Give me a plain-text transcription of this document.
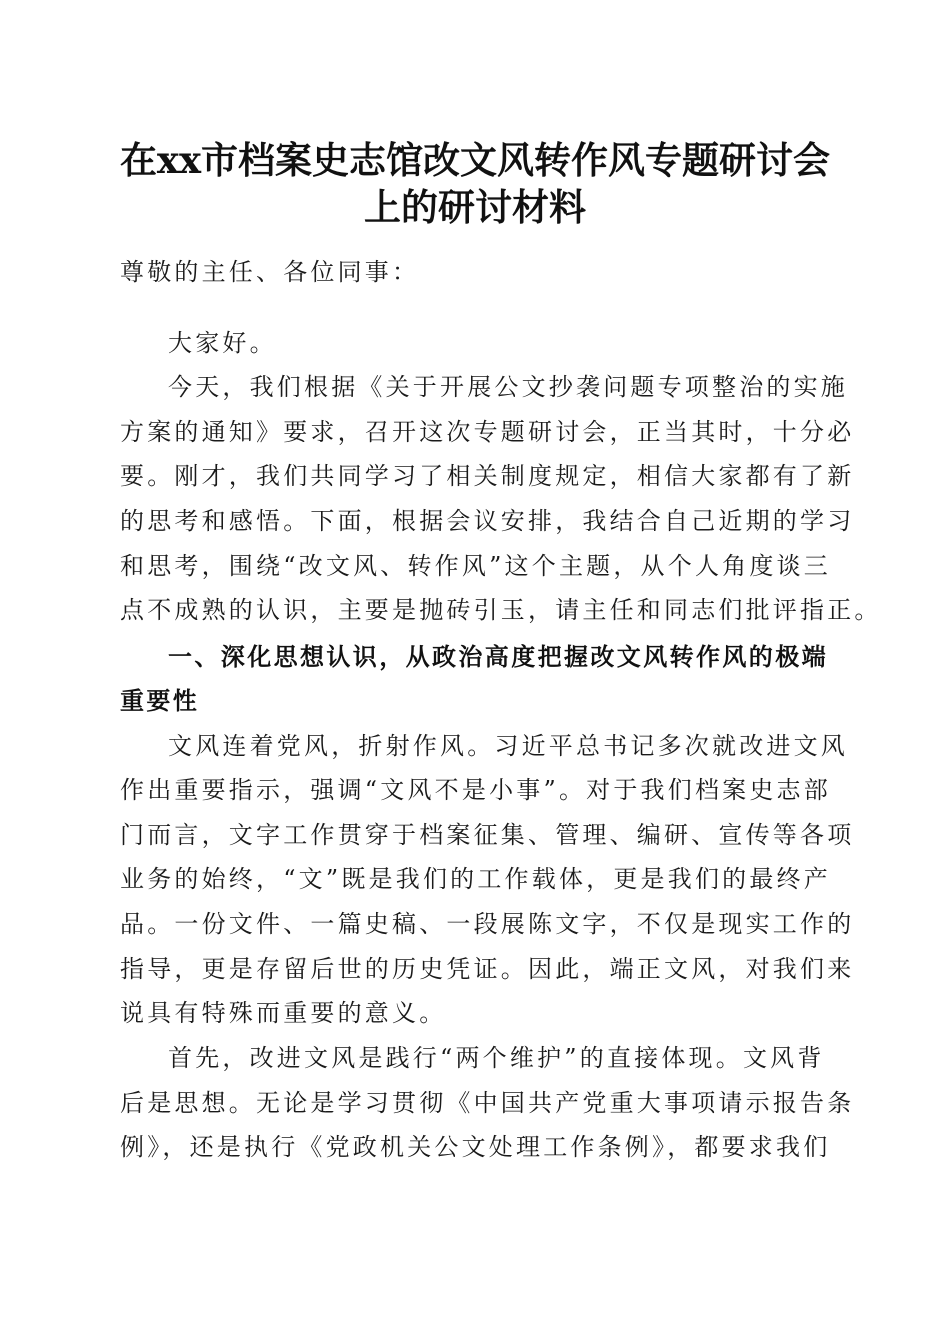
在xx市档案史志馆改文风转作风专题研讨会
上的研讨材料
尊敬的主任、各位同事：
大家好。
今天，我们根据《关于开展公文抄袭问题专项整治的实施
方案的通知》要求，召开这次专题研讨会，正当其时，十分必
要。刚才，我们共同学习了相关制度规定，相信大家都有了新
的思考和感悟。下面，根据会议安排，我结合自己近期的学习
和思考，围绕“改文风、转作风”这个主题，从个人角度谈三
点不成熟的认识，主要是抛砖引玉，请主任和同志们批评指正。
一、深化思想认识，从政治高度把握改文风转作风的极端
重要性
文风连着党风，折射作风。习近平总书记多次就改进文风
作出重要指示，强调“文风不是小事”。对于我们档案史志部
门而言，文字工作贯穿于档案征集、管理、编研、宣传等各项
业务的始终，“文”既是我们的工作载体，更是我们的最终产
品。一份文件、一篇史稿、一段展陈文字，不仅是现实工作的
指导，更是存留后世的历史凭证。因此，端正文风，对我们来
说具有特殊而重要的意义。
首先，改进文风是践行“两个维护”的直接体现。文风背
后是思想。无论是学习贯彻《中国共产党重大事项请示报告条
例》，还是执行《党政机关公文处理工作条例》，都要求我们
